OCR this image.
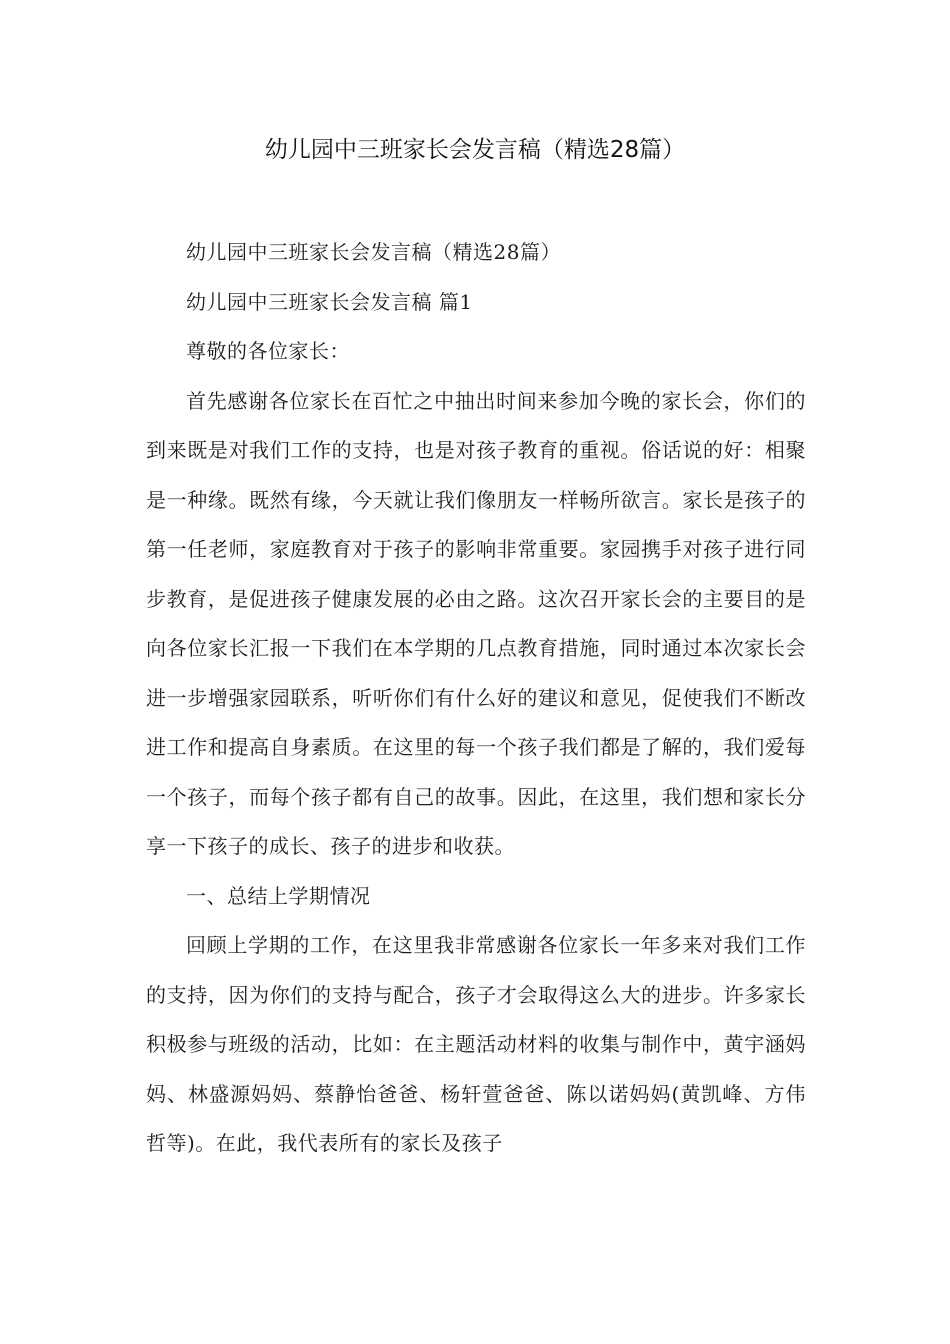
幼儿园中三班家长会发言稿（精选28篇）

幼儿园中三班家长会发言稿（精选28篇）

幼儿园中三班家长会发言稿 篇1

尊敬的各位家长：

首先感谢各位家长在百忙之中抽出时间来参加今晚的家长会，你们的到来既是对我们工作的支持，也是对孩子教育的重视。俗话说的好：相聚是一种缘。既然有缘，今天就让我们像朋友一样畅所欲言。家长是孩子的第一任老师，家庭教育对于孩子的影响非常重要。家园携手对孩子进行同步教育，是促进孩子健康发展的必由之路。这次召开家长会的主要目的是向各位家长汇报一下我们在本学期的几点教育措施，同时通过本次家长会进一步增强家园联系，听听你们有什么好的建议和意见，促使我们不断改进工作和提高自身素质。在这里的每一个孩子我们都是了解的，我们爱每一个孩子，而每个孩子都有自己的故事。因此，在这里，我们想和家长分享一下孩子的成长、孩子的进步和收获。

一、总结上学期情况

回顾上学期的工作，在这里我非常感谢各位家长一年多来对我们工作的支持，因为你们的支持与配合，孩子才会取得这么大的进步。许多家长积极参与班级的活动，比如：在主题活动材料的收集与制作中，黄宇涵妈妈、林盛源妈妈、蔡静怡爸爸、杨轩萱爸爸、陈以诺妈妈(黄凯峰、方伟哲等)。在此，我代表所有的家长及孩子
